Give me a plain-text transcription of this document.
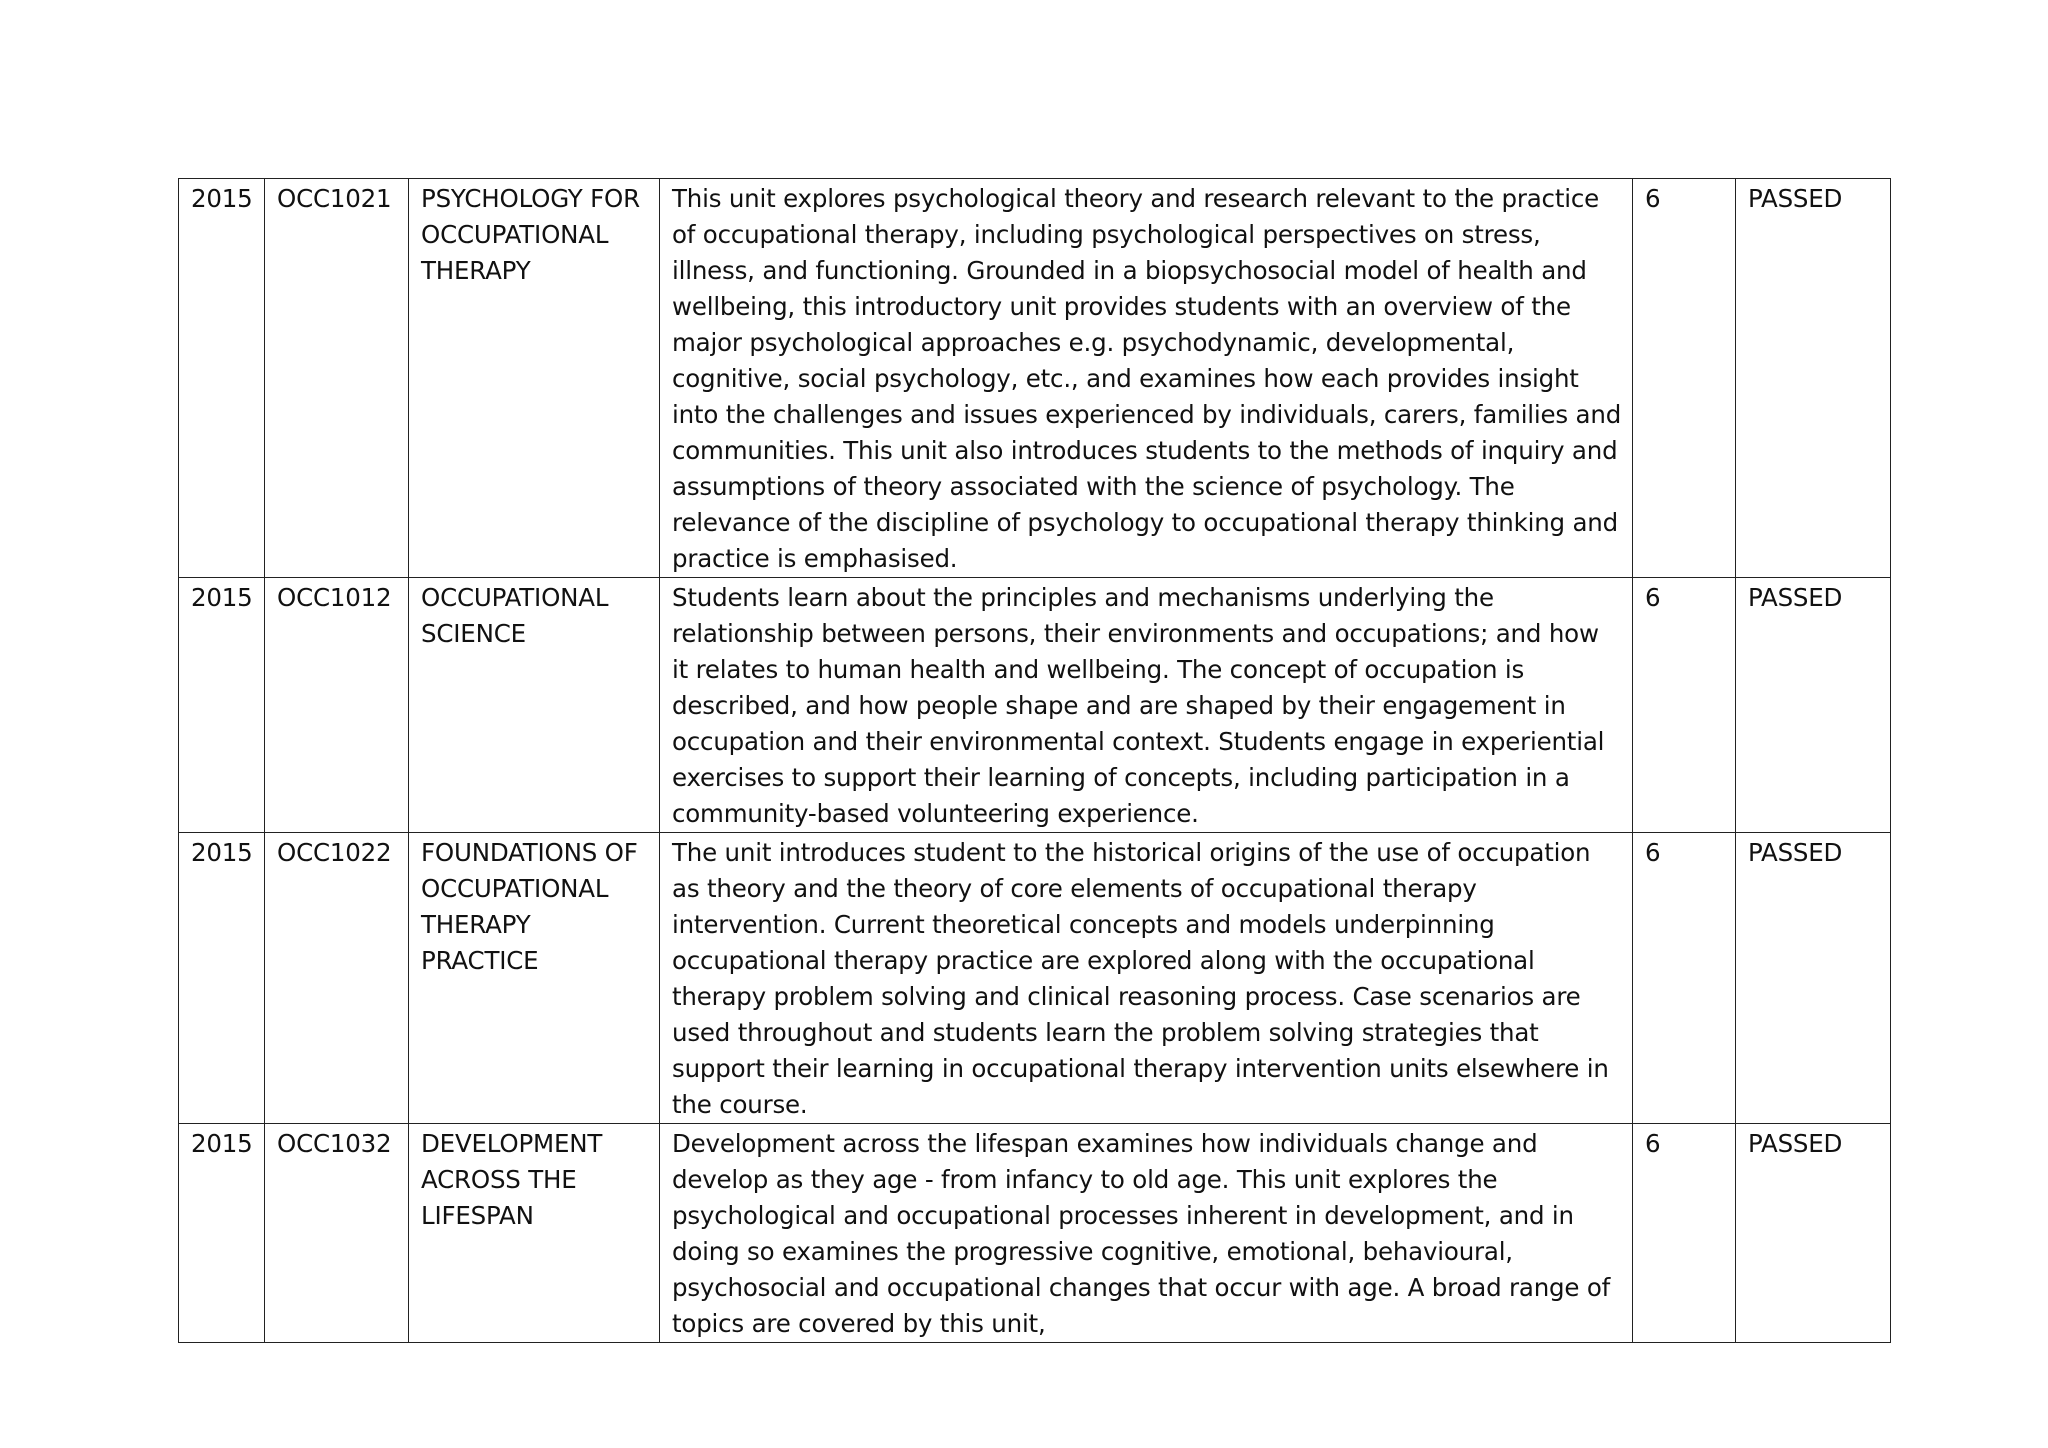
2015	OCC1021	PSYCHOLOGY FOR OCCUPATIONAL THERAPY	This unit explores psychological theory and research relevant to the practice of occupational therapy, including psychological perspectives on stress, illness, and functioning. Grounded in a biopsychosocial model of health and wellbeing, this introductory unit provides students with an overview of the major psychological approaches e.g. psychodynamic, developmental, cognitive, social psychology, etc., and examines how each provides insight into the challenges and issues experienced by individuals, carers, families and communities. This unit also introduces students to the methods of inquiry and assumptions of theory associated with the science of psychology. The relevance of the discipline of psychology to occupational therapy thinking and practice is emphasised.	6	PASSED
2015	OCC1012	OCCUPATIONAL SCIENCE	Students learn about the principles and mechanisms underlying the relationship between persons, their environments and occupations; and how it relates to human health and wellbeing. The concept of occupation is described, and how people shape and are shaped by their engagement in occupation and their environmental context. Students engage in experiential exercises to support their learning of concepts, including participation in a community-based volunteering experience.	6	PASSED
2015	OCC1022	FOUNDATIONS OF OCCUPATIONAL THERAPY PRACTICE	The unit introduces student to the historical origins of the use of occupation as theory and the theory of core elements of occupational therapy intervention. Current theoretical concepts and models underpinning occupational therapy practice are explored along with the occupational therapy problem solving and clinical reasoning process. Case scenarios are used throughout and students learn the problem solving strategies that support their learning in occupational therapy intervention units elsewhere in the course.	6	PASSED
2015	OCC1032	DEVELOPMENT ACROSS THE LIFESPAN	Development across the lifespan examines how individuals change and develop as they age - from infancy to old age. This unit explores the psychological and occupational processes inherent in development, and in doing so examines the progressive cognitive, emotional, behavioural, psychosocial and occupational changes that occur with age. A broad range of topics are covered by this unit,	6	PASSED
